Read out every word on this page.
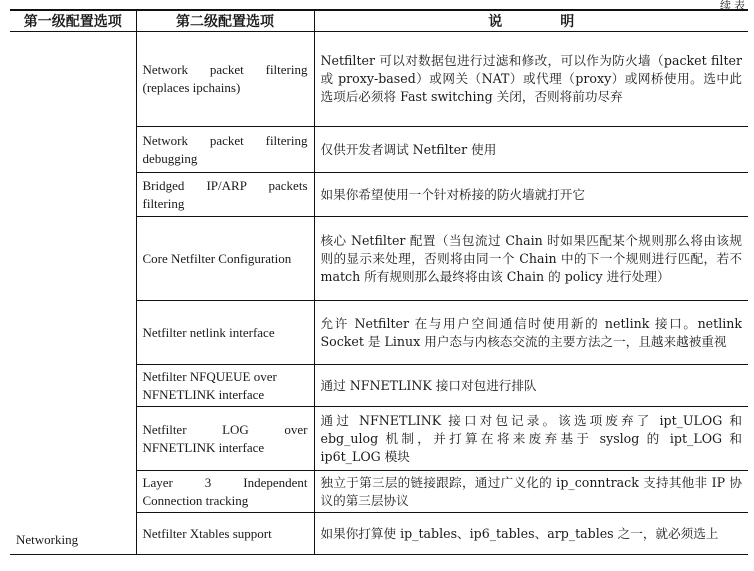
续表
第一级配置选项	第二级配置选项	说　明
Networking	Network packet filtering (replaces ipchains)	Netfilter 可以对数据包进行过滤和修改，可以作为防火墙（packet filter 或 proxy-based）或网关（NAT）或代理（proxy）或网桥使用。选中此选项后必须将 Fast switching 关闭，否则将前功尽弃
	Network packet filtering debugging	仅供开发者调试 Netfilter 使用
	Bridged IP/ARP packets filtering	如果你希望使用一个针对桥接的防火墙就打开它
	Core Netfilter Configuration	核心 Netfilter 配置（当包流过 Chain 时如果匹配某个规则那么将由该规则的显示来处理，否则将由同一个 Chain 中的下一个规则进行匹配，若不 match 所有规则那么最终将由该 Chain 的 policy 进行处理）
	Netfilter netlink interface	允许 Netfilter 在与用户空间通信时使用新的 netlink 接口。netlink Socket 是 Linux 用户态与内核态交流的主要方法之一，且越来越被重视
	Netfilter NFQUEUE over NFNETLINK interface	通过 NFNETLINK 接口对包进行排队
	Netfilter LOG over NFNETLINK interface	通过 NFNETLINK 接口对包记录。该选项废弃了 ipt_ULOG 和 ebg_ulog 机制，并打算在将来废弃基于 syslog 的 ipt_LOG 和 ip6t_LOG 模块
	Layer 3 Independent Connection tracking	独立于第三层的链接跟踪，通过广义化的 ip_conntrack 支持其他非 IP 协议的第三层协议
	Netfilter Xtables support	如果你打算使 ip_tables、ip6_tables、arp_tables 之一，就必须选上
